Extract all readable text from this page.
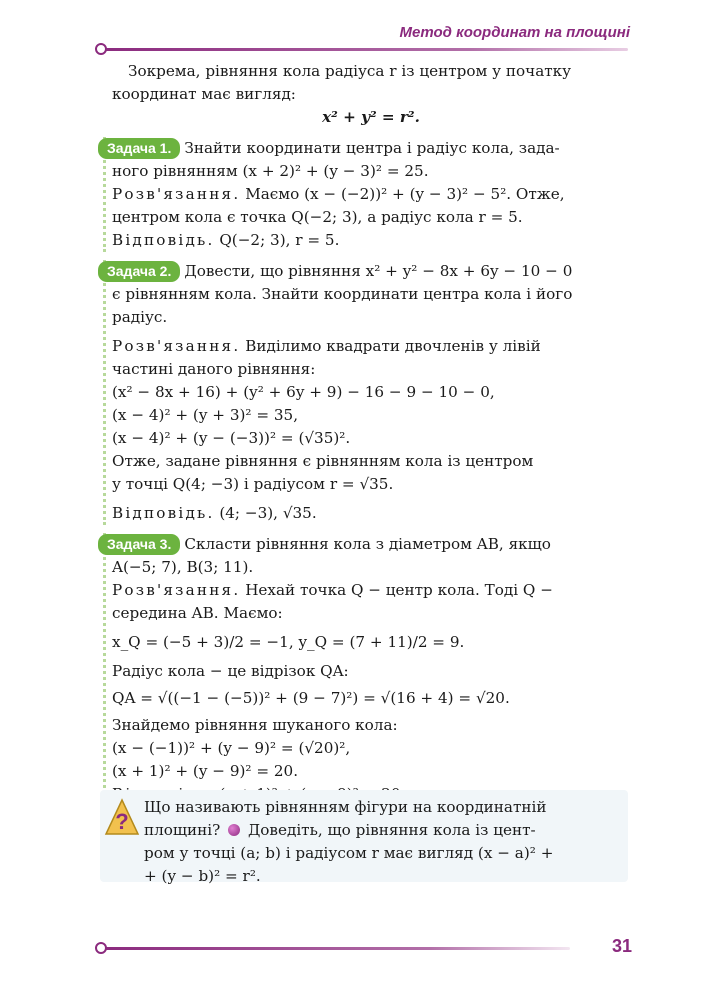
Метод координат на площині
Зокрема, рівняння кола радіуса r із центром у початку
координат має вигляд:
x² + y² = r².
Задача 1. Знайти координати центра і радіус кола, зада-
ного рівнянням (x + 2)² + (y − 3)² = 25.
Розв'язання. Маємо (x − (−2))² + (y − 3)² − 5². Отже,
центром кола є точка Q(−2; 3), а радіус кола r = 5.
Відповідь. Q(−2; 3), r = 5.
Задача 2. Довести, що рівняння x² + y² − 8x + 6y − 10 − 0
є рівнянням кола. Знайти координати центра кола і його
радіус.
Розв'язання. Виділимо квадрати двочленів у лівій
частині даного рівняння:
(x² − 8x + 16) + (y² + 6y + 9) − 16 − 9 − 10 − 0,
(x − 4)² + (y + 3)² = 35,
(x − 4)² + (y − (−3))² = (√35)².
Отже, задане рівняння є рівнянням кола із центром
у точці Q(4; −3) і радіусом r = √35.
Відповідь. (4; −3), √35.
Задача 3. Скласти рівняння кола з діаметром AB, якщо
A(−5; 7), B(3; 11).
Розв'язання. Нехай точка Q − центр кола. Тоді Q −
середина AB. Маємо:
x_Q = (−5 + 3)/2 = −1, y_Q = (7 + 11)/2 = 9.
Радіус кола − це відрізок QA:
QA = √((−1 − (−5))² + (9 − 7)²) = √(16 + 4) = √20.
Знайдемо рівняння шуканого кола:
(x − (−1))² + (y − 9)² = (√20)²,
(x + 1)² + (y − 9)² = 20.
?
Що називають рівнянням фігури на координатній
площині? Доведіть, що рівняння кола із цент-
ром у точці (a; b) і радіусом r має вигляд (x − a)² +
+ (y − b)² = r².
31
